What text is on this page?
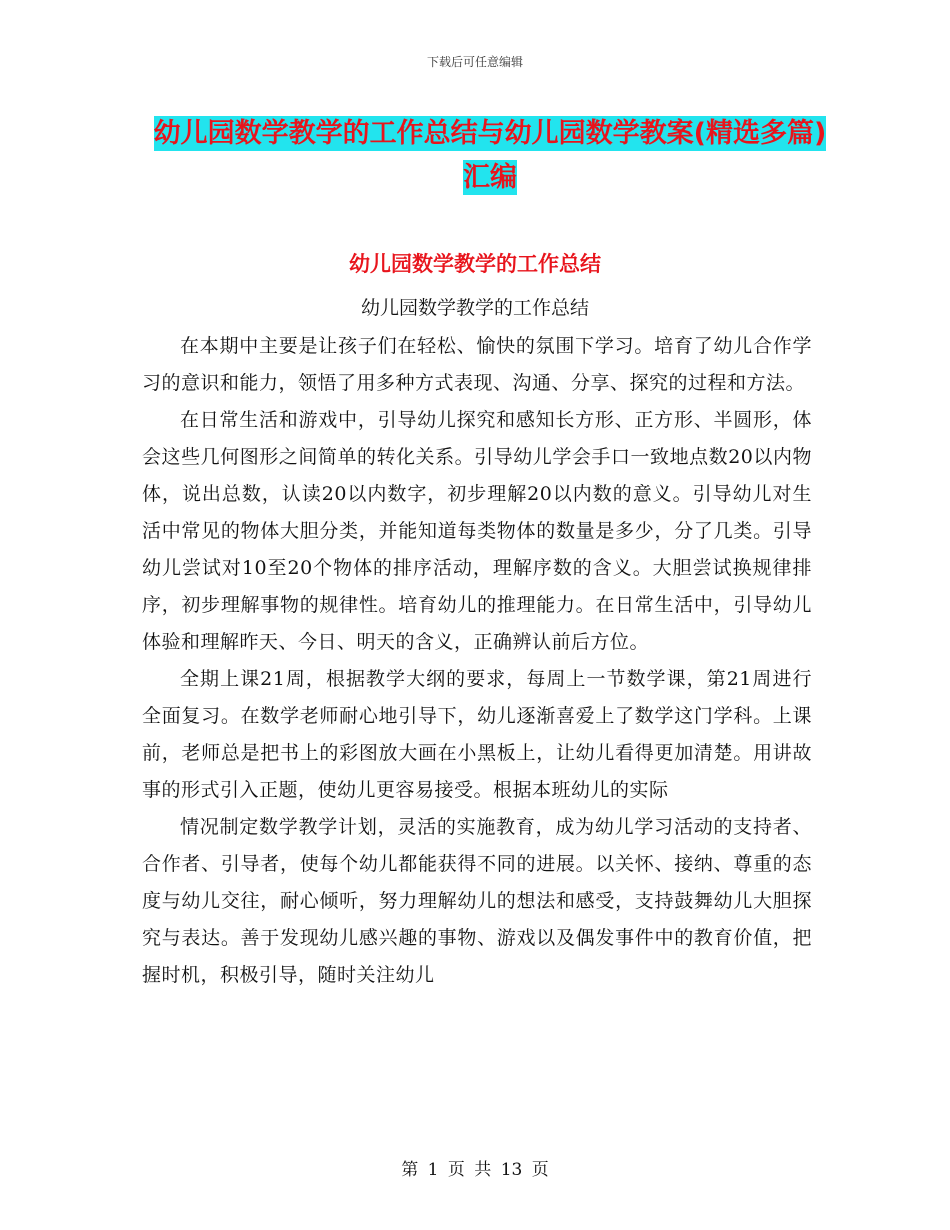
下载后可任意编辑
幼儿园数学教学的工作总结与幼儿园数学教案(精选多篇)汇编
幼儿园数学教学的工作总结
幼儿园数学教学的工作总结

在本期中主要是让孩子们在轻松、愉快的氛围下学习。培育了幼儿合作学习的意识和能力，领悟了用多种方式表现、沟通、分享、探究的过程和方法。

在日常生活和游戏中，引导幼儿探究和感知长方形、正方形、半圆形，体会这些几何图形之间简单的转化关系。引导幼儿学会手口一致地点数20以内物体，说出总数，认读20以内数字，初步理解20以内数的意义。引导幼儿对生活中常见的物体大胆分类，并能知道每类物体的数量是多少，分了几类。引导幼儿尝试对10至20个物体的排序活动，理解序数的含义。大胆尝试换规律排序，初步理解事物的规律性。培育幼儿的推理能力。在日常生活中，引导幼儿体验和理解昨天、今日、明天的含义，正确辨认前后方位。

全期上课21周，根据教学大纲的要求，每周上一节数学课，第21周进行全面复习。在数学老师耐心地引导下，幼儿逐渐喜爱上了数学这门学科。上课前，老师总是把书上的彩图放大画在小黑板上，让幼儿看得更加清楚。用讲故事的形式引入正题，使幼儿更容易接受。根据本班幼儿的实际

情况制定数学教学计划，灵活的实施教育，成为幼儿学习活动的支持者、合作者、引导者，使每个幼儿都能获得不同的进展。以关怀、接纳、尊重的态度与幼儿交往，耐心倾听，努力理解幼儿的想法和感受，支持鼓舞幼儿大胆探究与表达。善于发现幼儿感兴趣的事物、游戏以及偶发事件中的教育价值，把握时机，积极引导，随时关注幼儿

第 1 页 共 13 页
